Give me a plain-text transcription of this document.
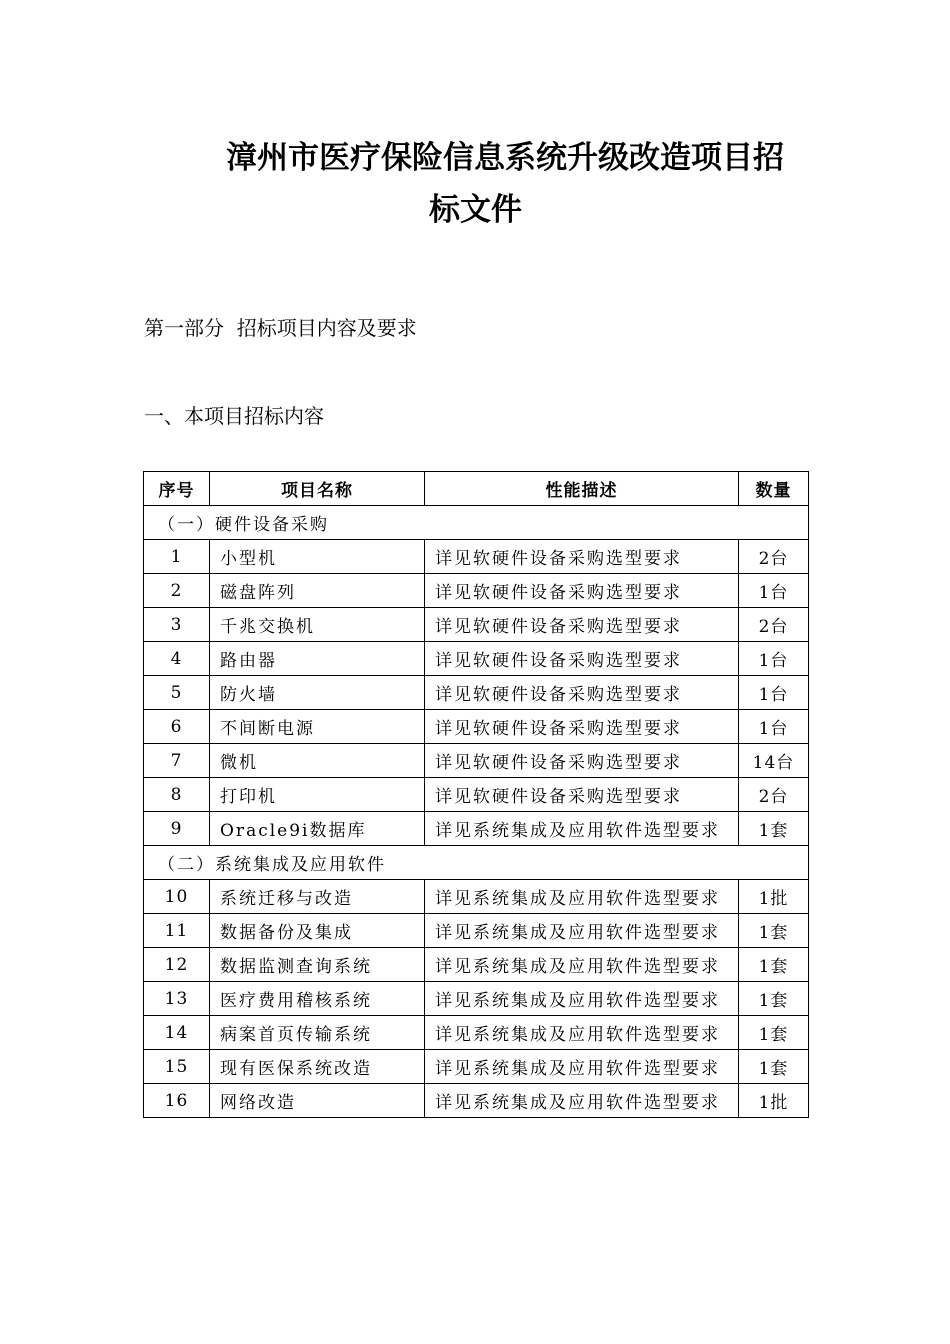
漳州市医疗保险信息系统升级改造项目招
标文件
第一部分  招标项目内容及要求
一、本项目招标内容
序号	项目名称	性能描述	数量
（一）硬件设备采购			
1	小型机	详见软硬件设备采购选型要求	2台
2	磁盘阵列	详见软硬件设备采购选型要求	1台
3	千兆交换机	详见软硬件设备采购选型要求	2台
4	路由器	详见软硬件设备采购选型要求	1台
5	防火墙	详见软硬件设备采购选型要求	1台
6	不间断电源	详见软硬件设备采购选型要求	1台
7	微机	详见软硬件设备采购选型要求	14台
8	打印机	详见软硬件设备采购选型要求	2台
9	Oracle9i数据库	详见系统集成及应用软件选型要求	1套
（二）系统集成及应用软件			
10	系统迁移与改造	详见系统集成及应用软件选型要求	1批
11	数据备份及集成	详见系统集成及应用软件选型要求	1套
12	数据监测查询系统	详见系统集成及应用软件选型要求	1套
13	医疗费用稽核系统	详见系统集成及应用软件选型要求	1套
14	病案首页传输系统	详见系统集成及应用软件选型要求	1套
15	现有医保系统改造	详见系统集成及应用软件选型要求	1套
16	网络改造	详见系统集成及应用软件选型要求	1批
